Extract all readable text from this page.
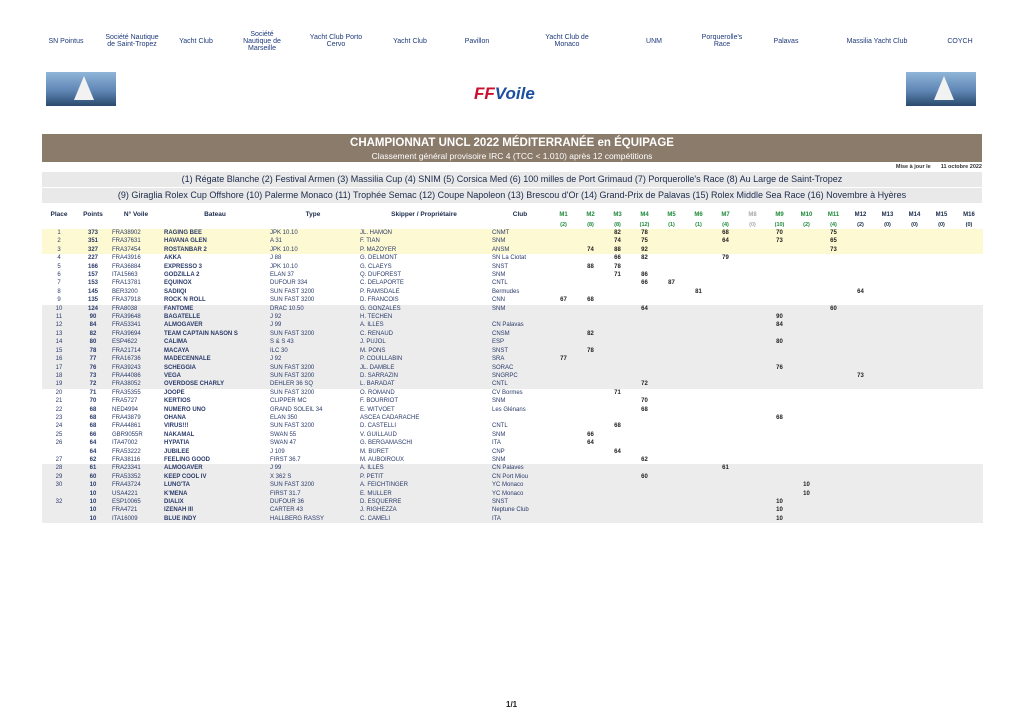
SN Pointus	Société Nautique de Saint-Tropez	Yacht Club
Société Nautique de Marseille
Yacht Club Porto Cervo	Yacht Club	Pavillon	Yacht Club de Monaco	UNM	Porquerolle's Race	Palavas	Massilia Yacht Club	COYCH
FFVoile
CHAMPIONNAT UNCL 2022 MÉDITERRANÉE en ÉQUIPAGE
Classement général provisoire IRC 4 (TCC < 1.010) après 12 compétitions
Mise à jour le 11 octobre 2022
(1) Régate Blanche (2) Festival Armen (3) Massilia Cup (4) SNIM (5) Corsica Med (6) 100 milles de Port Grimaud (7) Porquerolle's Race (8) Au Large de Saint-Tropez
(9) Giraglia Rolex Cup Offshore (10) Palerme Monaco (11) Trophée Semac (12) Coupe Napoleon (13) Brescou d'Or (14) Grand-Prix de Palavas (15) Rolex Middle Sea Race (16) Novembre à Hyères
Place	Points	N° Voile	Bateau	Type	Skipper / Propriétaire	Club	M1	M2	M3	M4	M5	M6	M7	M8	M9	M10	M11	M12	M13	M14	M15	M16
							(2)	(8)	(8)	(12)	(1)	(1)	(4)	(0)	(10)	(2)	(4)	(2)	(0)	(0)	(0)	(0)
1	373	FRA38902	RAGING BEE	JPK 10.10	JL. HAMON	CNMT			82	78			68		70		75					
2	351	FRA37631	HAVANA GLEN	A 31	F. TIAN	SNM			74	75			64		73		65					
3	327	FRA37454	ROSTANBAR 2	JPK 10.10	P. MAZOYER	ANSM		74	88	92							73					
4	227	FRA43916	AKKA	J 88	G. DELMONT	SN La Ciotat			66	82			79									
5	166	FRA36884	EXPRESSO 3	JPK 10.10	G. CLAEYS	SNST		88	78													
6	157	ITA15663	GODZILLA 2	ELAN 37	Q. DUFOREST	SNM			71	86												
7	153	FRA13781	EQUINOX	DUFOUR 334	C. DELAPORTE	CNTL				66	87											
8	145	BER3200	SADIIQI	SUN FAST 3200	P. RAMSDALE	Bermudes						81						64				
9	135	FRA37918	ROCK N ROLL	SUN FAST 3200	D. FRANCOIS	CNN	67	68														
10	124	FRA8038	FANTOME	DRAC 10.50	G. GONZALES	SNM				64							60					
11	90	FRA39648	BAGATELLE	J 92	H. TECHEN										90							
12	84	FRA53341	ALMOGAVER	J 99	A. ILLES	CN Palavas									84							
13	82	FRA39694	TEAM CAPTAIN NASON S	SUN FAST 3200	C. RENAUD	CNSM		82														
14	80	ESP4622	CALIMA	S & S 43	J. PUJOL	ESP									80							
15	78	FRA21714	MACAYA	ILC 30	M. PONS	SNST		78														
16	77	FRA16736	MADECENNALE	J 92	P. COUILLABIN	SRA	77															
17	76	FRA39243	SCHEGGIA	SUN FAST 3200	JL. DAMBLE	SORAC									76							
18	73	FRA44086	VEGA	SUN FAST 3200	D. SARRAZIN	SNGRPC												73				
19	72	FRA38052	OVERDOSE CHARLY	DEHLER 36 SQ	L. BARADAT	CNTL				72												
20	71	FRA35355	JOOPE	SUN FAST 3200	O. ROMAND	CV Bormes			71													
21	70	FRA5727	KERTIOS	CLIPPER MC	F. BOURRIOT	SNM				70												
22	68	NED4994	NUMERO UNO	GRAND SOLEIL 34	E. WITVOET	Les Glénans				68												
23	68	FRA43879	OHANA	ELAN 350	ASCEA CADARACHE										68							
24	68	FRA44861	VIRUS!!!	SUN FAST 3200	D. CASTELLI	CNTL			68													
25	66	GBR9055R	NAKAMAL	SWAN 55	V. GUILLAUD	SNM		66														
26	64	ITA47002	HYPATIA	SWAN 47	G. BERGAMASCHI	ITA		64														
	64	FRA53222	JUBILEE	J 109	M. BURET	CNP			64													
27	62	FRA38116	FEELING GOOD	FIRST 36.7	M. AUBOIROUX	SNM				62												
28	61	FRA23341	ALMOGAVER	J 99	A. ILLES	CN Palaves							61									
29	60	FRA53352	KEEP COOL IV	X 362 S	P. PETIT	CN Port Miou				60												
30	10	FRA43724	LUNG'TA	SUN FAST 3200	A. FEICHTINGER	YC Monaco										10						
	10	USA4221	K'MENA	FIRST 31.7	E. MULLER	YC Monaco										10						
32	10	ESP10065	DIALIX	DUFOUR 36	D. ESQUERRE	SNST									10							
	10	FRA4721	IZENAH III	CARTER 43	J. RIGHEZZA	Neptune Club									10							
	10	ITA16009	BLUE INDY	HALLBERG RASSY	C. CAMELI	ITA									10							
1/1
